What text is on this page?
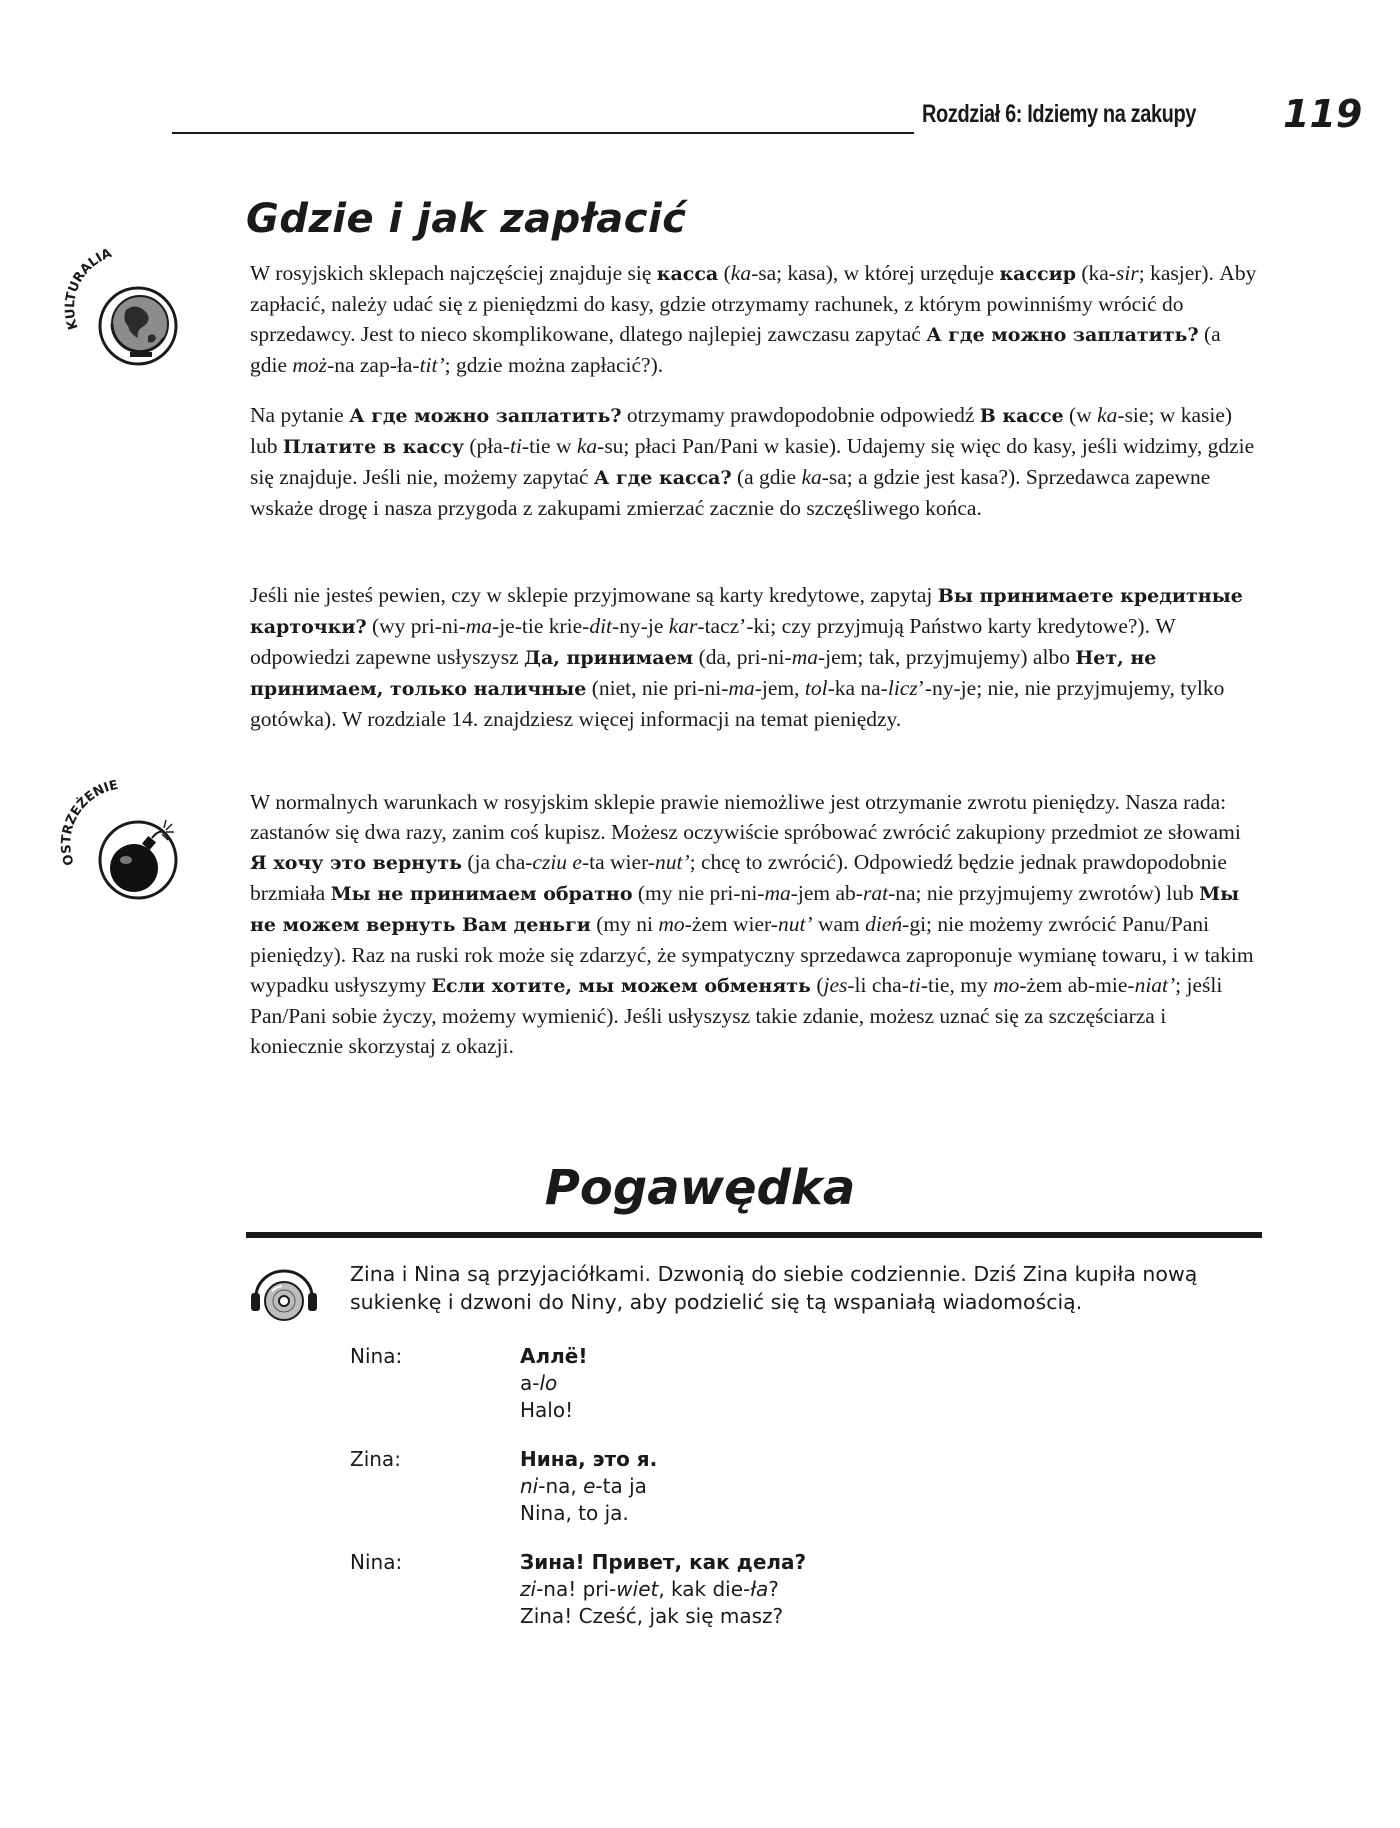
Rozdział 6: Idziemy na zakupy 119
Gdzie i jak zapłacić
KULTURALIA
OSTRZEŻENIE

W rosyjskich sklepach najczęściej znajduje się касса (ka-sa; kasa), w której urzęduje кассир (ka-sir; kasjer). Aby zapłacić, należy udać się z pieniędzmi do kasy, gdzie otrzymamy rachunek, z którym powinniśmy wrócić do sprzedawcy. Jest to nieco skomplikowane, dlatego najlepiej zawczasu zapytać А где можно заплатить? (a gdie moż-na zap-ła-tit’; gdzie można zapłacić?).

Na pytanie А где можно заплатить? otrzymamy prawdopodobnie odpowiedź В кассе (w ka-sie; w kasie) lub Платите в кассу (pła-ti-tie w ka-su; płaci Pan/Pani w kasie). Udajemy się więc do kasy, jeśli widzimy, gdzie się znajduje. Jeśli nie, możemy zapytać А где касса? (a gdie ka-sa; a gdzie jest kasa?). Sprzedawca zapewne wskaże drogę i nasza przygoda z zakupami zmierzać zacznie do szczęśliwego końca.

Jeśli nie jesteś pewien, czy w sklepie przyjmowane są karty kredytowe, zapytaj Вы принимаете кредитные карточки? (wy pri-ni-ma-je-tie krie-dit-ny-je kar-tacz’-ki; czy przyjmują Państwo karty kredytowe?). W odpowiedzi zapewne usłyszysz Да, принимаем (da, pri-ni-ma-jem; tak, przyjmujemy) albo Нет, не принимаем, только наличные (niet, nie pri-ni-ma-jem, tol-ka na-licz’-ny-je; nie, nie przyjmujemy, tylko gotówka). W rozdziale 14. znajdziesz więcej informacji na temat pieniędzy.

W normalnych warunkach w rosyjskim sklepie prawie niemożliwe jest otrzymanie zwrotu pieniędzy. Nasza rada: zastanów się dwa razy, zanim coś kupisz. Możesz oczywiście spróbować zwrócić zakupiony przedmiot ze słowami Я хочу это вернуть (ja cha-cziu e-ta wier-nut’; chcę to zwrócić). Odpowiedź będzie jednak prawdopodobnie brzmiała Мы не принимаем обратно (my nie pri-ni-ma-jem ab-rat-na; nie przyjmujemy zwrotów) lub Мы не можем вернуть Вам деньги (my ni mo-żem wier-nut’ wam dień-gi; nie możemy zwrócić Panu/Pani pieniędzy). Raz na ruski rok może się zdarzyć, że sympatyczny sprzedawca zaproponuje wymianę towaru, i w takim wypadku usłyszymy Если хотите, мы можем обменять (jes-li cha-ti-tie, my mo-żem ab-mie-niat’; jeśli Pan/Pani sobie życzy, możemy wymienić). Jeśli usłyszysz takie zdanie, możesz uznać się za szczęściarza i koniecznie skorzystaj z okazji.

Pogawędka

Zina i Nina są przyjaciółkami. Dzwonią do siebie codziennie. Dziś Zina kupiła nową sukienkę i dzwoni do Niny, aby podzielić się tą wspaniałą wiadomością.

Nina:	Аллё!
a-lo
Halo!
Zina:	Нина, это я.
ni-na, e-ta ja
Nina, to ja.
Nina:	Зина! Привет, как дела?
zi-na! pri-wiet, kak die-ła?
Zina! Cześć, jak się masz?
